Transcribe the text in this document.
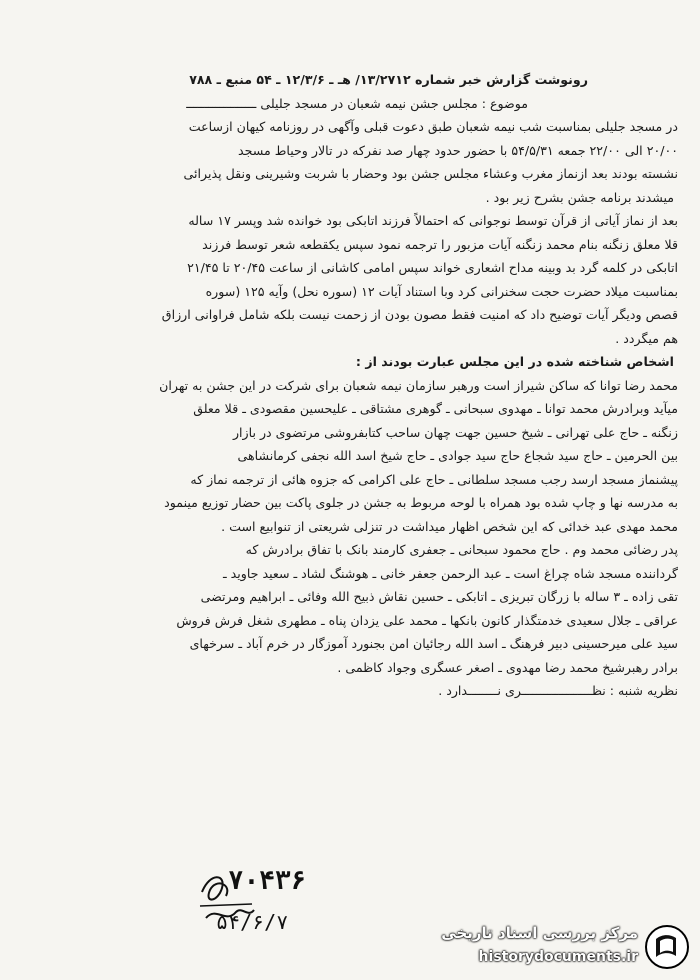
رونوشت گزارش خبر شماره ۱۳/۲۷۱۲/ هـ ـ ۱۲/۳/۶ ـ ۵۴ منبع ـ ۷۸۸
موضوع : مجلس جشن نیمه شعبان در مسجد جلیلی ـــــــــــــــــــ
در مسجد جلیلی بمناسبت شب نیمه شعبان طبق دعوت قبلی وآگهی در روزنامه کیهان ازساعت
۲۰/۰۰ الی ۲۲/۰۰ جمعه ۵۴/۵/۳۱ با حضور حدود چهار صد نفرکه در تالار وحیاط مسجد
نشسته بودند بعد ازنماز مغرب وعشاء مجلس جشن بود وحضار با شربت وشیرینی ونقل پذیرائی
میشدند برنامه جشن بشرح زیر بود .
بعد از نماز آیاتی از قرآن توسط نوجوانی که احتمالاً فرزند اتابکی بود خوانده شد وپسر ۱۷ ساله
قلا معلق زنگنه بنام محمد زنگنه آیات مزبور را ترجمه نمود سپس یکقطعه شعر توسط فرزند
اتابکی در کلمه گرد بد وبینه مداح اشعاری خواند سپس امامی کاشانی از ساعت ۲۰/۴۵ تا ۲۱/۴۵
بمناسبت میلاد حضرت حجت سخنرانی کرد وبا استناد آیات ۱۲ (سوره نحل) وآیه ۱۲۵ (سوره
قصص ودیگر آیات توضیح داد که امنیت فقط مصون بودن از زحمت نیست بلکه شامل فراوانی ارزاق
هم میگردد .
اشخاص شناخته شده در این مجلس عبارت بودند از :
محمد رضا توانا که ساکن شیراز است ورهبر سازمان نیمه شعبان برای شرکت در این جشن به تهران
میآید وبرادرش محمد توانا ـ مهدوی سبحانی ـ گوهری مشتاقی ـ علیحسین مقصودی ـ قلا معلق
زنگنه ـ حاج علی تهرانی ـ شیخ حسین جهت چهان ساحب کتابفروشی مرتضوی در بازار
بین الحرمین ـ حاج سید شجاع حاج سید جوادی ـ حاج شیخ اسد الله نجفی کرمانشاهی
پیشنماز مسجد ارسد رجب مسجد سلطانی ـ حاج علی اکرامی که جزوه هائی از ترجمه نماز که
به مدرسه نها و چاپ شده بود همراه با لوحه مربوط به جشن در جلوی پاکت بین حضار توزیع مینمود
محمد مهدی عبد خدائی که این شخص اظهار میداشت در تنزلی شریعتی از تنوابیع است .
پدر رضائی محمد وم . حاج محمود سبحانی ـ جعفری کارمند بانک با تفاق برادرش که
گرداننده مسجد شاه چراغ است ـ عبد الرحمن جعفر خانی ـ هوشنگ لشاد ـ سعید جاوید ـ
تقی زاده ـ ۳ ساله با زرگان تبریزی ـ اتابکی ـ حسین نقاش ذبیح الله وفائی ـ ابراهیم ومرتضی
عراقی ـ جلال سعیدی خدمتگذار کانون بانکها ـ محمد علی یزدان پناه ـ مطهری شغل فرش فروش
سید علی میرحسینی دبیر فرهنگ ـ اسد الله رجائیان امن بجنورد آموزگار در خرم آباد ـ سرخهای
برادر رهبرشیخ محمد رضا مهدوی ـ اصغر عسگری وجواد کاظمی .
نظریه شنبه : نظـــــــــــــــــــری نــــــــدارد .
۷۰۴۳۶
۵۴/۶/۷	مرکز بررسی اسناد تاریخی
historydocuments.ir
